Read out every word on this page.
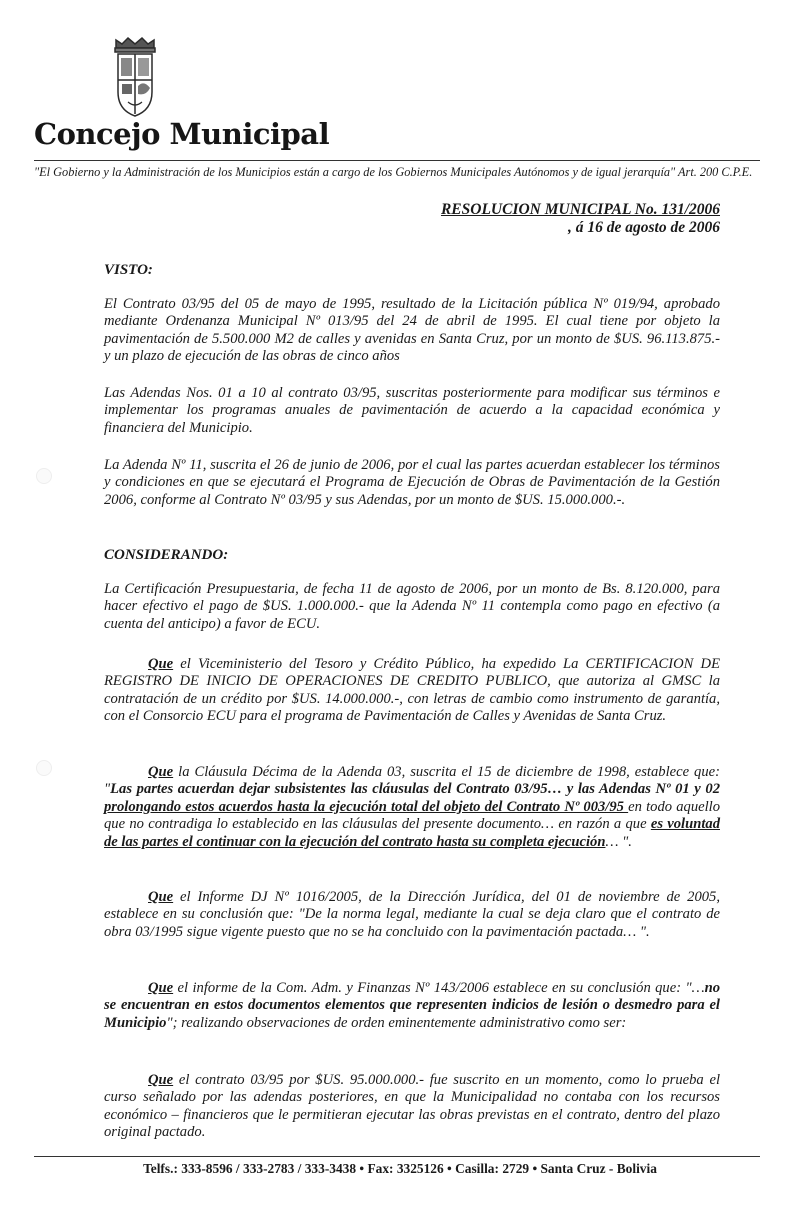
Concejo Municipal
"El Gobierno y la Administración de los Municipios están a cargo de los Gobiernos Municipales Autónomos y de igual jerarquía" Art. 200 C.P.E.
RESOLUCION MUNICIPAL No. 131/2006
, á 16 de agosto de 2006
VISTO:

El Contrato 03/95 del 05 de mayo de 1995, resultado de la Licitación pública Nº 019/94, aprobado mediante Ordenanza Municipal Nº 013/95 del 24 de abril de 1995. El cual tiene por objeto la pavimentación de 5.500.000 M2 de calles y avenidas en Santa Cruz, por un monto de $US. 96.113.875.- y un plazo de ejecución de las obras de cinco años

Las Adendas Nos. 01 a 10 al contrato 03/95, suscritas posteriormente para modificar sus términos e implementar los programas anuales de pavimentación de acuerdo a la capacidad económica y financiera del Municipio.

La Adenda Nº 11, suscrita el 26 de junio de 2006, por el cual las partes acuerdan establecer los términos y condiciones en que se ejecutará el Programa de Ejecución de Obras de Pavimentación de la Gestión 2006, conforme al Contrato Nº 03/95 y sus Adendas, por un monto de $US. 15.000.000.-.

CONSIDERANDO:

La Certificación Presupuestaria, de fecha 11 de agosto de 2006, por un monto de Bs. 8.120.000, para hacer efectivo el pago de $US. 1.000.000.- que la Adenda Nº 11 contempla como pago en efectivo (a cuenta del anticipo) a favor de ECU.

Que el Viceministerio del Tesoro y Crédito Público, ha expedido La CERTIFICACION DE REGISTRO DE INICIO DE OPERACIONES DE CREDITO PUBLICO, que autoriza al GMSC la contratación de un crédito por $US. 14.000.000.-, con letras de cambio como instrumento de garantía, con el Consorcio ECU para el programa de Pavimentación de Calles y Avenidas de Santa Cruz.

Que la Cláusula Décima de la Adenda 03, suscrita el 15 de diciembre de 1998, establece que: "Las partes acuerdan dejar subsistentes las cláusulas del Contrato 03/95… y las Adendas Nº 01 y 02 prolongando estos acuerdos hasta la ejecución total del objeto del Contrato Nº 003/95 en todo aquello que no contradiga lo establecido en las cláusulas del presente documento… en razón a que es voluntad de las partes el continuar con la ejecución del contrato hasta su completa ejecución… ".

Que el Informe DJ Nº 1016/2005, de la Dirección Jurídica, del 01 de noviembre de 2005, establece en su conclusión que: "De la norma legal, mediante la cual se deja claro que el contrato de obra 03/1995 sigue vigente puesto que no se ha concluido con la pavimentación pactada… ".

Que el informe de la Com. Adm. y Finanzas Nº 143/2006 establece en su conclusión que: "…no se encuentran en estos documentos elementos que representen indicios de lesión o desmedro para el Municipio"; realizando observaciones de orden eminentemente administrativo como ser:

Que el contrato 03/95 por $US. 95.000.000.- fue suscrito en un momento, como lo prueba el curso señalado por las adendas posteriores, en que la Municipalidad no contaba con los recursos económico – financieros que le permitieran ejecutar las obras previstas en el contrato, dentro del plazo original pactado.

Telfs.: 333-8596 / 333-2783 / 333-3438 • Fax: 3325126 • Casilla: 2729 • Santa Cruz - Bolivia
